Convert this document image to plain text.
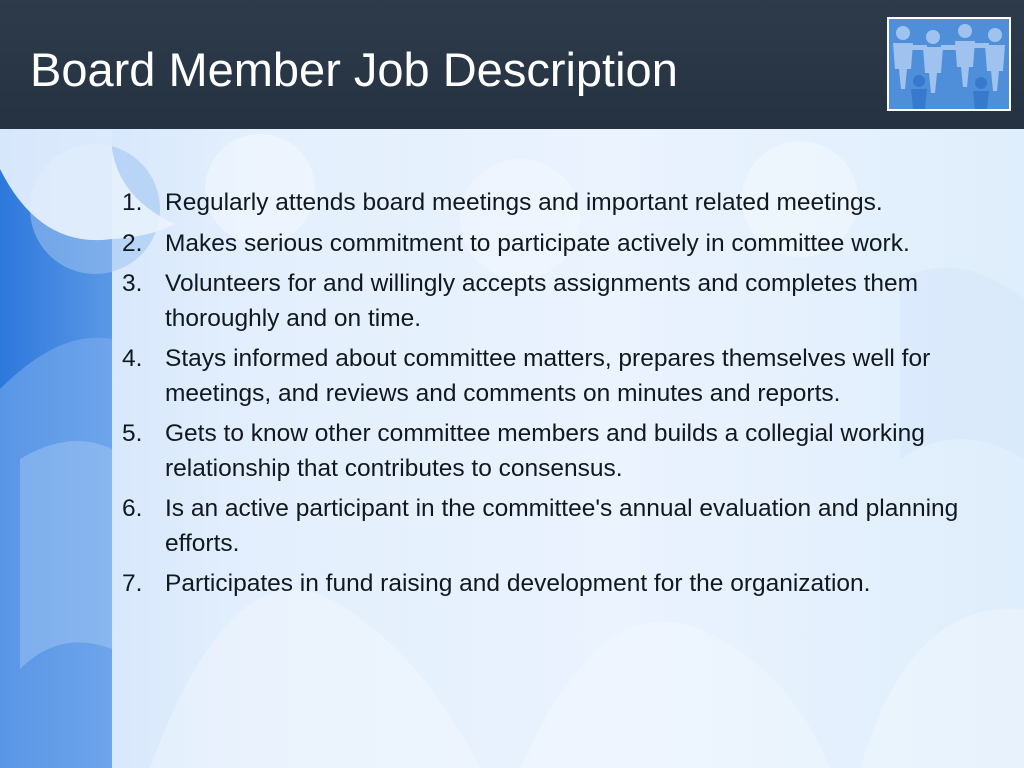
Board Member Job Description
1. Regularly attends board meetings and important related meetings.
2. Makes serious commitment to participate actively in committee work.
3. Volunteers for and willingly accepts assignments and completes them thoroughly and on time.
4. Stays informed about committee matters, prepares themselves well for meetings, and reviews and comments on minutes and reports.
5. Gets to know other committee members and builds a collegial working relationship that contributes to consensus.
6. Is an active participant in the committee's annual evaluation and planning efforts.
7. Participates in fund raising and development for the organization.
